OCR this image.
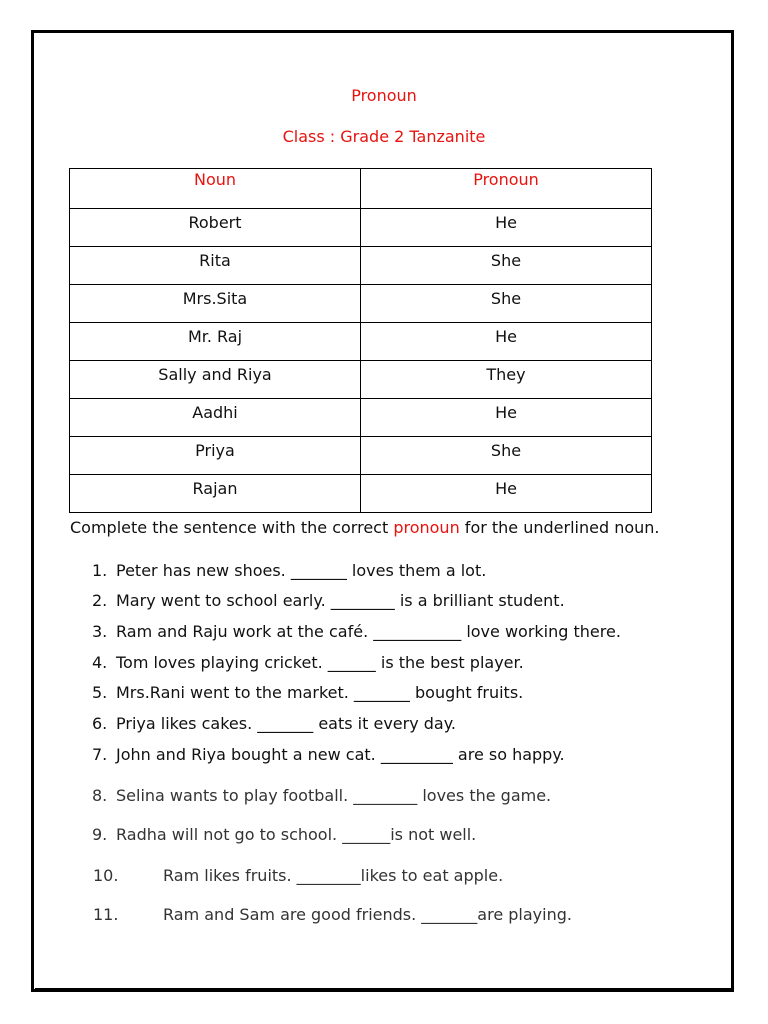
Pronoun
Class : Grade 2 Tanzanite
Noun	Pronoun
Robert	He
Rita	She
Mrs.Sita	She
Mr. Raj	He
Sally and Riya	They
Aadhi	He
Priya	She
Rajan	He
Complete the sentence with the correct pronoun for the underlined noun.
1. Peter has new shoes. _______ loves them a lot.
2. Mary went to school early. ________ is a brilliant student.
3. Ram and Raju work at the café. ___________ love working there.
4. Tom loves playing cricket. ______ is the best player.
5. Mrs.Rani went to the market. _______ bought fruits.
6. Priya likes cakes. _______ eats it every day.
7. John and Riya bought a new cat. _________ are so happy.
8. Selina wants to play football. ________ loves the game.
9. Radha will not go to school. ______is not well.
10.	Ram likes fruits. ________likes to eat apple.
11.	Ram and Sam are good friends. _______are playing.
